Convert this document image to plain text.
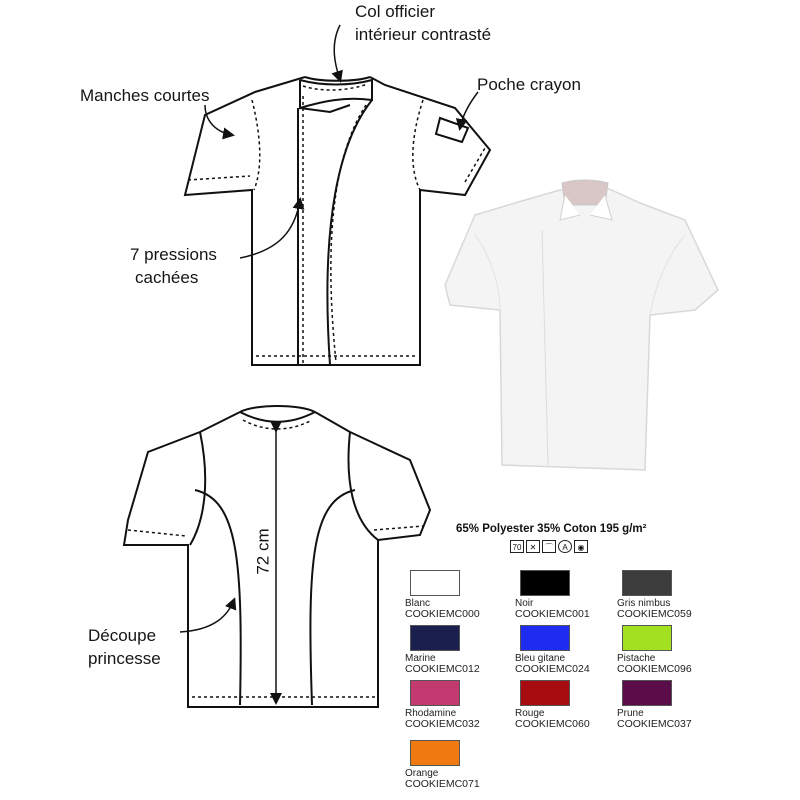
Col officier
intérieur contrasté
Manches courtes
Poche crayon
7 pressions
cachées
Découpe
princesse
72 cm	65% Polyester 35% Coton 195 g/m²
70	✕	⌒	A	◉
Blanc
COOKIEMC000
Noir
COOKIEMC001
Gris nimbus
COOKIEMC059
Marine
COOKIEMC012
Bleu gitane
COOKIEMC024
Pistache
COOKIEMC096
Rhodamine
COOKIEMC032
Rouge
COOKIEMC060
Prune
COOKIEMC037
Orange
COOKIEMC071
